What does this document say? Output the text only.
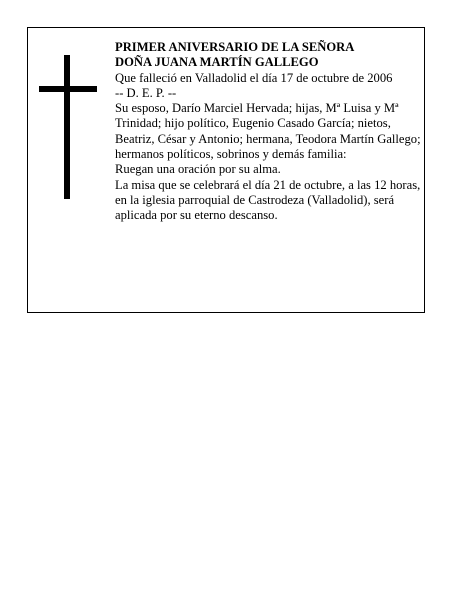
PRIMER ANIVERSARIO DE LA SEÑORA

DOÑA JUANA MARTÍN GALLEGO

Que falleció en Valladolid el día 17 de octubre de 2006

-- D. E. P. --

Su esposo, Darío Marciel Hervada; hijas, Mª Luisa y Mª Trinidad; hijo político, Eugenio Casado García; nietos, Beatriz, César y Antonio; hermana, Teodora Martín Gallego; hermanos políticos, sobrinos y demás familia:

Ruegan una oración por su alma.

La misa que se celebrará el día 21 de octubre, a las 12 horas, en la iglesia parroquial de Castrodeza (Valladolid), será aplicada por su eterno descanso.
